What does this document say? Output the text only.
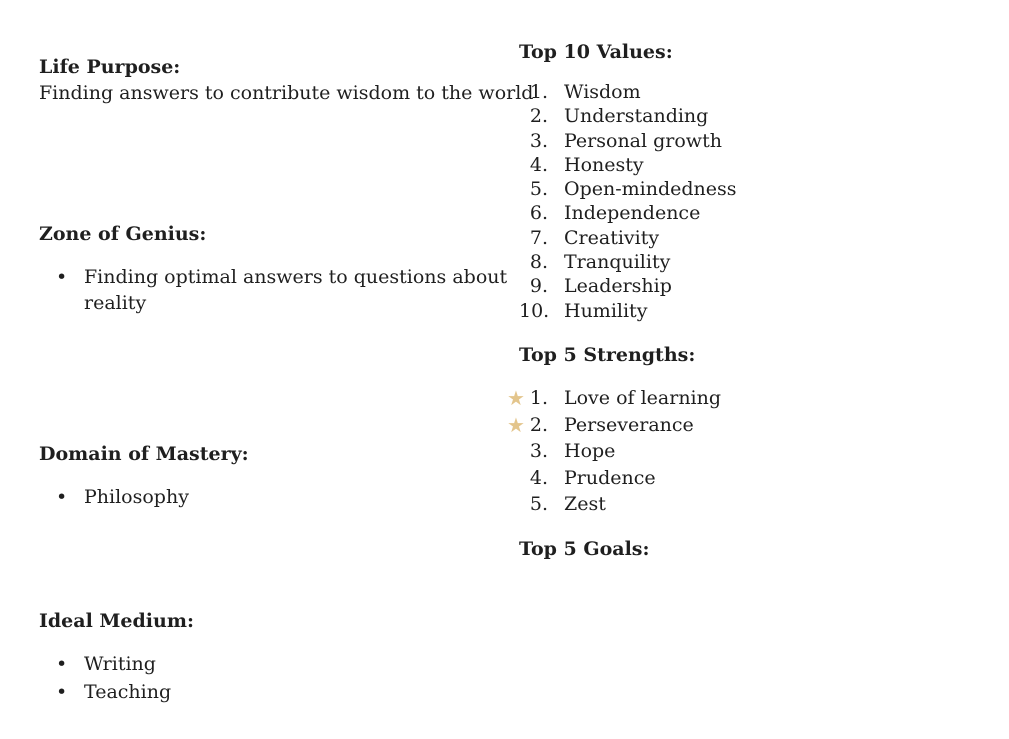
Life Purpose:

Finding answers to contribute wisdom to the world

Zone of Genius:
• Finding optimal answers to questions about
reality
Domain of Mastery:
• Philosophy
Ideal Medium:
• Writing
• Teaching
Top 10 Values:
1. Wisdom
2. Understanding
3. Personal growth
4. Honesty
5. Open-mindedness
6. Independence
7. Creativity
8. Tranquility
9. Leadership
10. Humility
Top 5 Strengths:
★ 1. Love of learning
★ 2. Perseverance
3. Hope
4. Prudence
5. Zest
Top 5 Goals:
